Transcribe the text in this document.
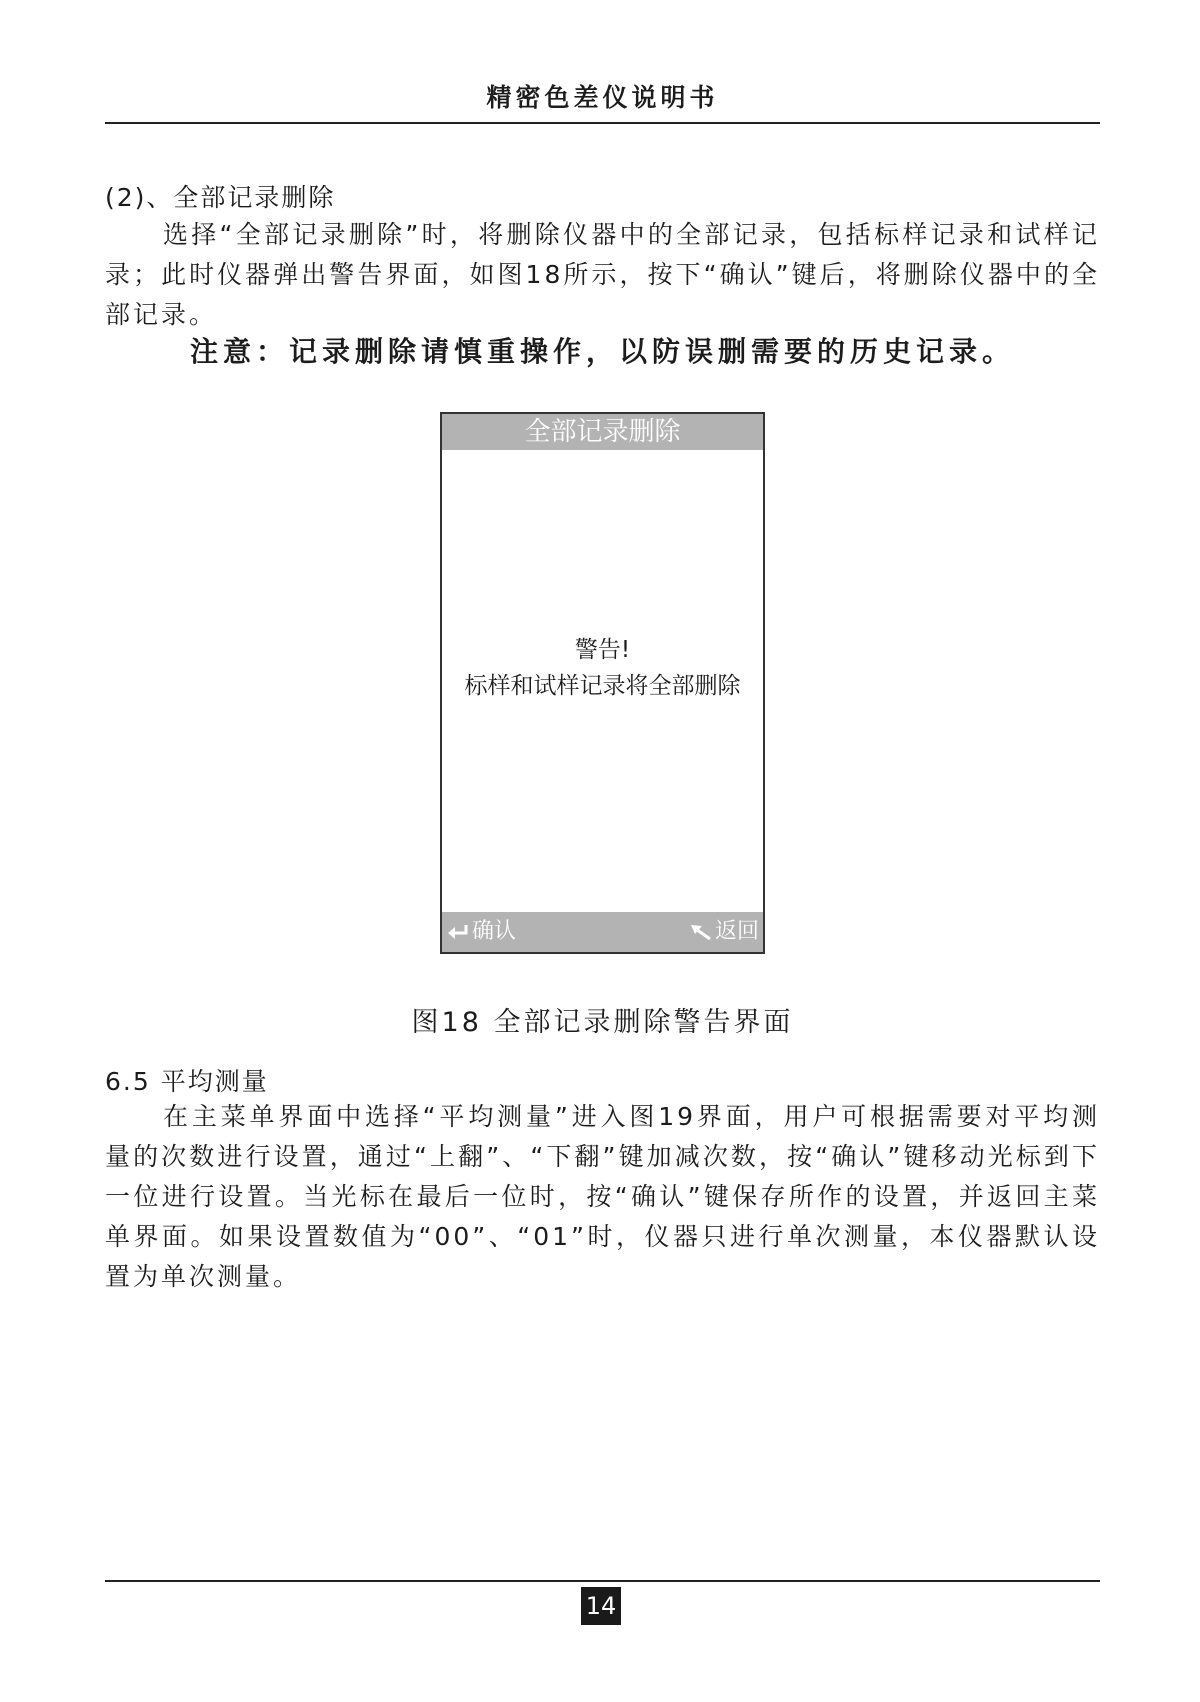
精密色差仪说明书
(2)、全部记录删除

选择“全部记录删除”时，将删除仪器中的全部记录，包括标样记录和试样记录；此时仪器弹出警告界面，如图18所示，按下“确认”键后，将删除仪器中的全部记录。

注意：记录删除请慎重操作，以防误删需要的历史记录。
全部记录删除
警告!
标样和试样记录将全部删除
确认	返回
图18 全部记录删除警告界面
6.5 平均测量

在主菜单界面中选择“平均测量”进入图19界面，用户可根据需要对平均测量的次数进行设置，通过“上翻”、“下翻”键加减次数，按“确认”键移动光标到下一位进行设置。当光标在最后一位时，按“确认”键保存所作的设置，并返回主菜单界面。如果设置数值为“00”、“01”时，仪器只进行单次测量，本仪器默认设置为单次测量。

14
